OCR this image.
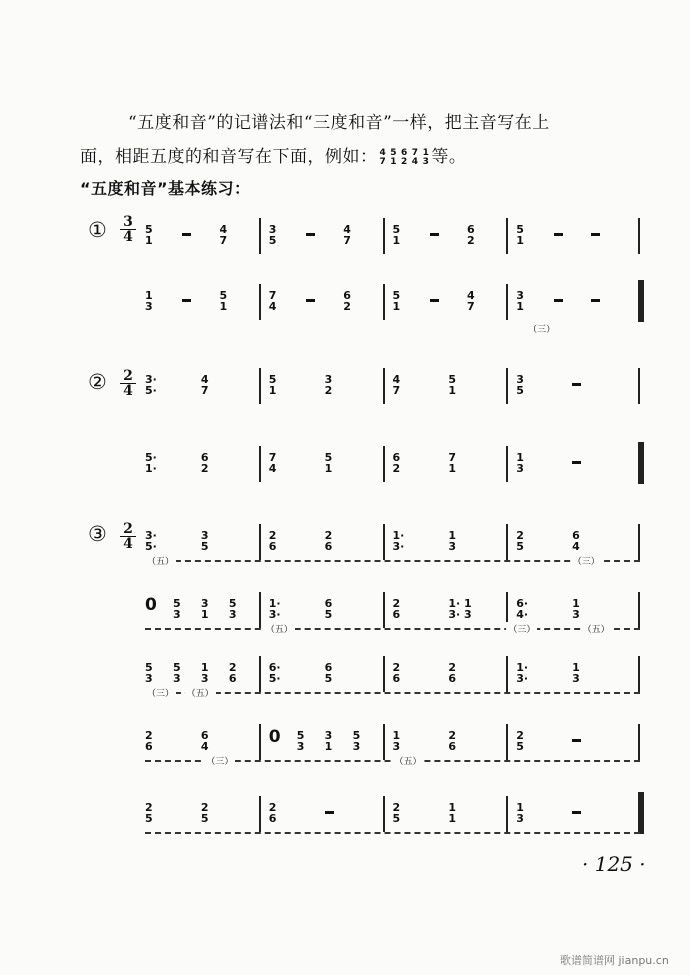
“五度和音”的记谱法和“三度和音”一样，把主音写在上
面，相距五度的和音写在下面，例如： 4
7
5
1
6
2
7
4
1
3 等。
“五度和音”基本练习：
① 3
4
② 2
4
③ 2
4
5
1
4
7
3
5
4
7
5
1
6
2
5
1
1
3
5
1
7
4
6
2
5
1
4
7
3
1
（三）
3·
5·
4
7
5
1
3
2
4
7
5
1
3
5
5·
1·
6
2
7
4
5
1
6
2
7
1
1
3
3·
5·
3
5
2
6
2
6
1·
3·
1
3
2
5
6
4
（五）	（三）
0 5
3
3
1
5
3
1·
3·
6
5
2
6
1· 1
3· 3
6·
4·
1
3
（五）	（三）	（五）
5
3
5
3
1
3
2
6
6·
5·
6
5
2
6
2
6
1·
3·
1
3
（三） （五）
2
6
6
4	0 5
3
3
1
5
3
1
3
2
6
2
5
（三）	（五）
2
5
2
5
2
6
2
5
1
1
1
3
· 125 ·
歌谱简谱网 jianpu.cn
